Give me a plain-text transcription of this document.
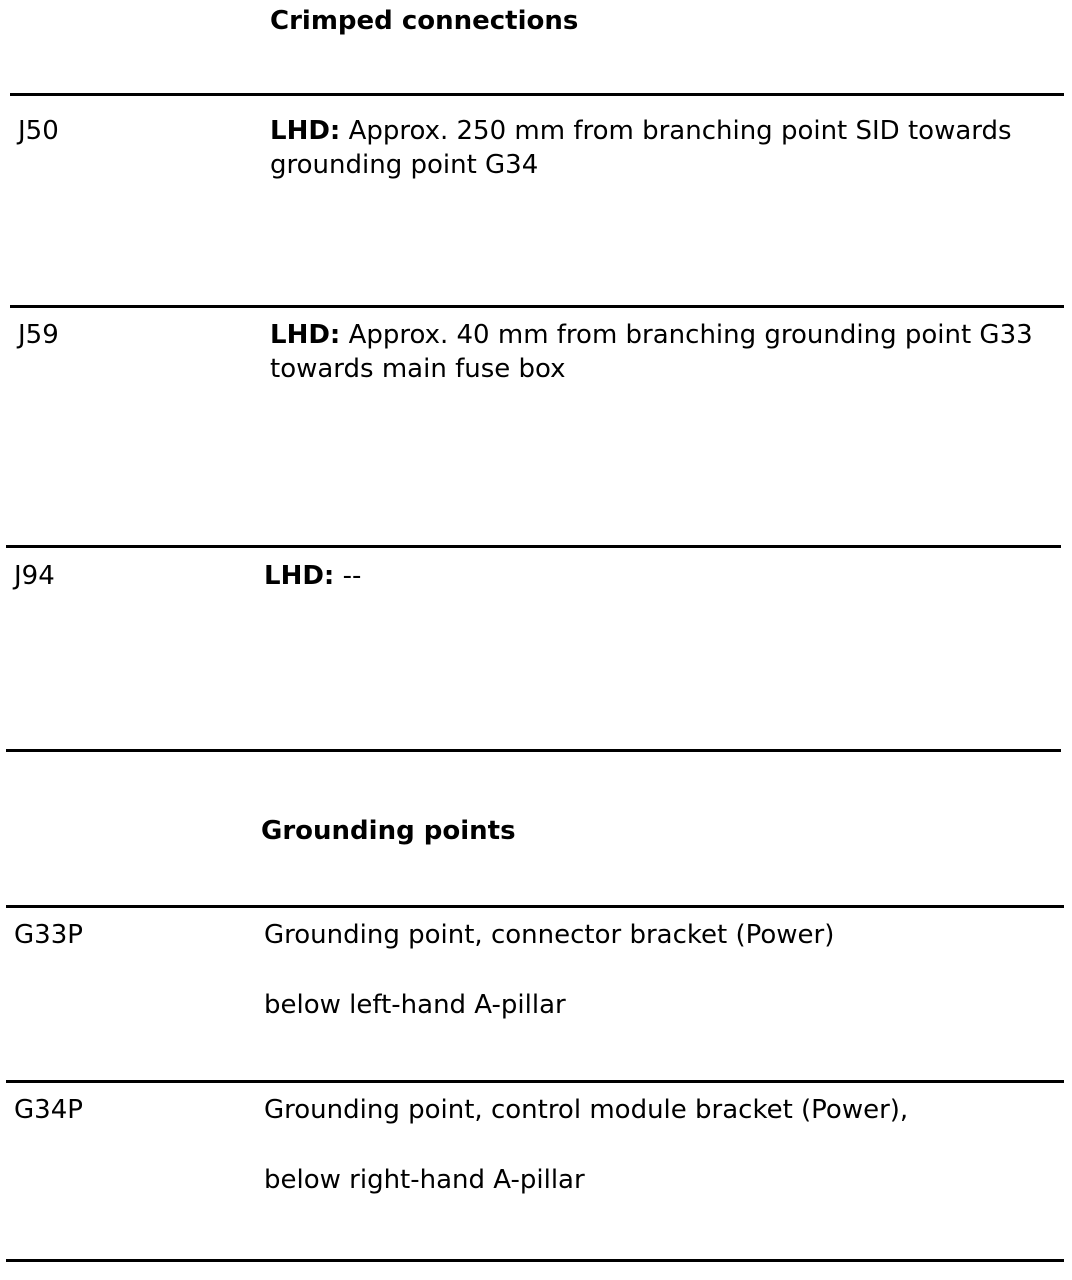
Crimped connections
J50	LHD: Approx. 250 mm from branching point SID towards grounding point G34
J59	LHD: Approx. 40 mm from branching grounding point G33 towards main fuse box
J94	LHD: --
Grounding points
G33P	Grounding point, connector bracket (Power)

below left-hand A-pillar

G34P	Grounding point, control module bracket (Power),

below right-hand A-pillar
